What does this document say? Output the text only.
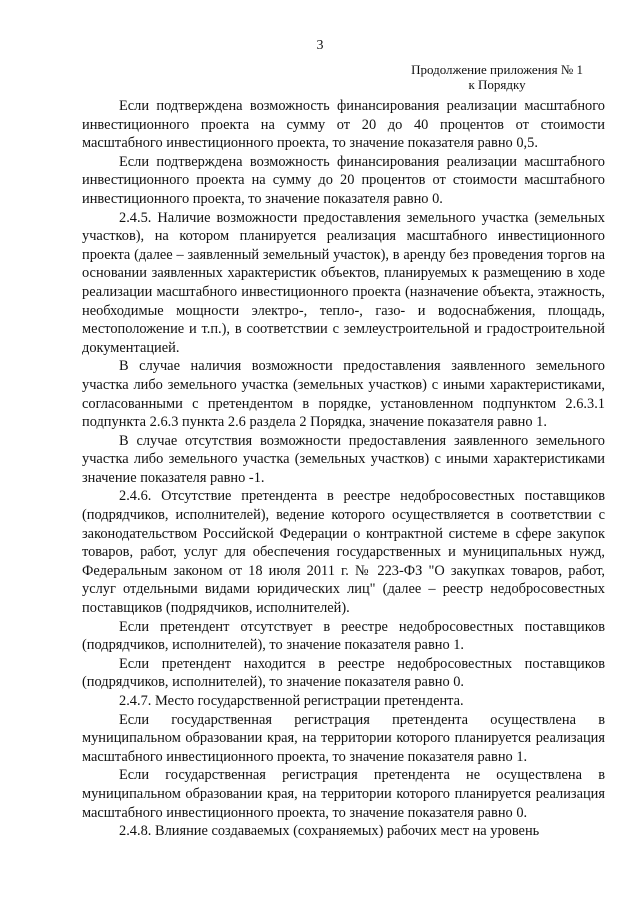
3
Продолжение приложения № 1
к Порядку

Если подтверждена возможность финансирования реализации масштабного инвестиционного проекта на сумму от 20 до 40 процентов от стоимости масштабного инвестиционного проекта, то значение показателя равно 0,5.

Если подтверждена возможность финансирования реализации масштабного инвестиционного проекта на сумму до 20 процентов от стоимости масштабного инвестиционного проекта, то значение показателя равно 0.

2.4.5. Наличие возможности предоставления земельного участка (земельных участков), на котором планируется реализация масштабного инвестиционного проекта (далее – заявленный земельный участок), в аренду без проведения торгов на основании заявленных характеристик объектов, планируемых к размещению в ходе реализации масштабного инвестиционного проекта (назначение объекта, этажность, необходимые мощности электро-, тепло-, газо- и водоснабжения, площадь, местоположение и т.п.), в соответствии с землеустроительной и градостроительной документацией.

В случае наличия возможности предоставления заявленного земельного участка либо земельного участка (земельных участков) с иными характеристиками, согласованными с претендентом в порядке, установленном подпунктом 2.6.3.1 подпункта 2.6.3 пункта 2.6 раздела 2 Порядка, значение показателя равно 1.

В случае отсутствия возможности предоставления заявленного земельного участка либо земельного участка (земельных участков) с иными характеристиками значение показателя равно -1.

2.4.6. Отсутствие претендента в реестре недобросовестных поставщиков (подрядчиков, исполнителей), ведение которого осуществляется в соответствии с законодательством Российской Федерации о контрактной системе в сфере закупок товаров, работ, услуг для обеспечения государственных и муниципальных нужд, Федеральным законом от 18 июля 2011 г. № 223-ФЗ "О закупках товаров, работ, услуг отдельными видами юридических лиц" (далее – реестр недобросовестных поставщиков (подрядчиков, исполнителей).

Если претендент отсутствует в реестре недобросовестных поставщиков (подрядчиков, исполнителей), то значение показателя равно 1.

Если претендент находится в реестре недобросовестных поставщиков (подрядчиков, исполнителей), то значение показателя равно 0.

2.4.7. Место государственной регистрации претендента.

Если государственная регистрация претендента осуществлена в муниципальном образовании края, на территории которого планируется реализация масштабного инвестиционного проекта, то значение показателя равно 1.

Если государственная регистрация претендента не осуществлена в муниципальном образовании края, на территории которого планируется реализация масштабного инвестиционного проекта, то значение показателя равно 0.

2.4.8. Влияние создаваемых (сохраняемых) рабочих мест на уровень
